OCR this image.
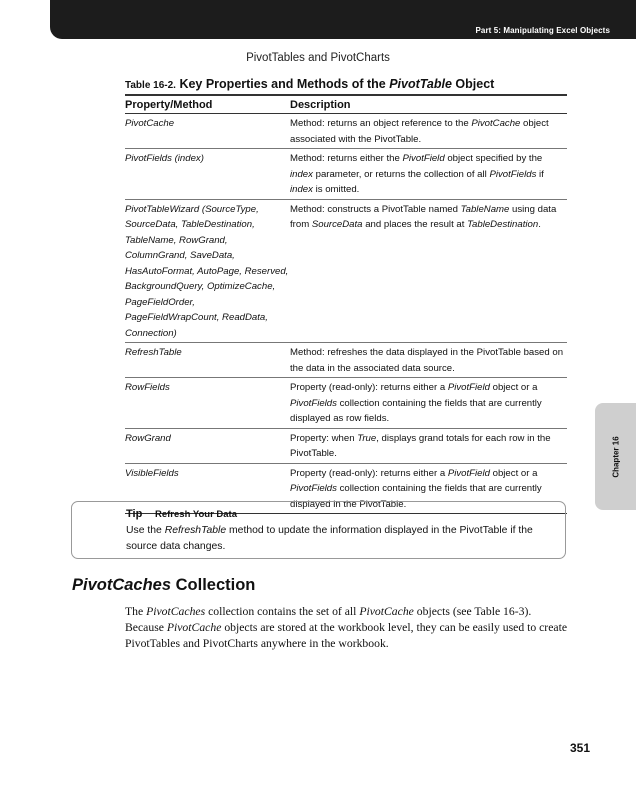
Part 5: Manipulating Excel Objects
PivotTables and PivotCharts
Table 16-2. Key Properties and Methods of the PivotTable Object
Property/Method	Description
PivotCache	Method: returns an object reference to the PivotCache object associated with the PivotTable.
PivotFields (index)	Method: returns either the PivotField object specified by the index parameter, or returns the collection of all PivotFields if index is omitted.
PivotTableWizard (SourceType, SourceData, TableDestination, TableName, RowGrand, ColumnGrand, SaveData, HasAutoFormat, AutoPage, Reserved, BackgroundQuery, OptimizeCache, PageFieldOrder, PageFieldWrapCount, ReadData, Connection)	Method: constructs a PivotTable named TableName using data from SourceData and places the result at TableDestination.
RefreshTable	Method: refreshes the data displayed in the PivotTable based on the data in the associated data source.
RowFields	Property (read-only): returns either a PivotField object or a PivotFields collection containing the fields that are currently displayed as row fields.
RowGrand	Property: when True, displays grand totals for each row in the PivotTable.
VisibleFields	Property (read-only): returns either a PivotField object or a PivotFields collection containing the fields that are currently displayed in the PivotTable.
Tip Refresh Your Data
Use the RefreshTable method to update the information displayed in the PivotTable if the source data changes.
PivotCaches Collection
The PivotCaches collection contains the set of all PivotCache objects (see Table 16-3). Because PivotCache objects are stored at the workbook level, they can be easily used to create PivotTables and PivotCharts anywhere in the workbook.
Chapter 16
351
